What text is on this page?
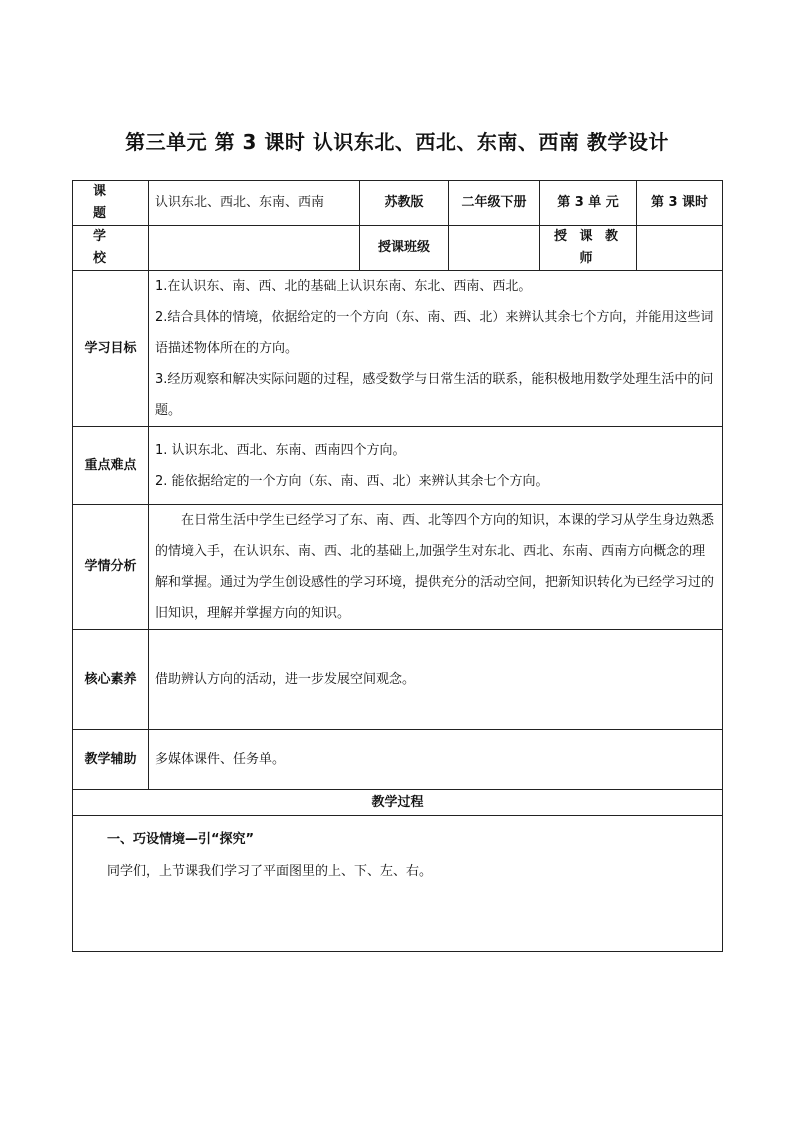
第三单元 第 3 课时 认识东北、西北、东南、西南 教学设计
课　题	认识东北、西北、东南、西南	苏教版	二年级下册	第 3 单 元	第 3 课时
学　校		授课班级		授 课 教 师	
学习目标	1.在认识东、南、西、北的基础上认识东南、东北、西南、西北。

2.结合具体的情境，依据给定的一个方向（东、南、西、北）来辨认其余七个方向，并能用这些词语描述物体所在的方向。

3.经历观察和解决实际问题的过程，感受数学与日常生活的联系，能积极地用数学处理生活中的问题。				

重点难点	1. 认识东北、西北、东南、西南四个方向。

2. 能依据给定的一个方向（东、南、西、北）来辨认其余七个方向。				

学情分析	在日常生活中学生已经学习了东、南、西、北等四个方向的知识，本课的学习从学生身边熟悉的情境入手，在认识东、南、西、北的基础上,加强学生对东北、西北、东南、西南方向概念的理解和掌握。通过为学生创设感性的学习环境，提供充分的活动空间，把新知识转化为已经学习过的旧知识，理解并掌握方向的知识。				

核心素养	借助辨认方向的活动，进一步发展空间观念。				

教学辅助	多媒体课件、任务单。				

教学过程					

一、巧设情境—引“探究”

同学们，上节课我们学习了平面图里的上、下、左、右。					
